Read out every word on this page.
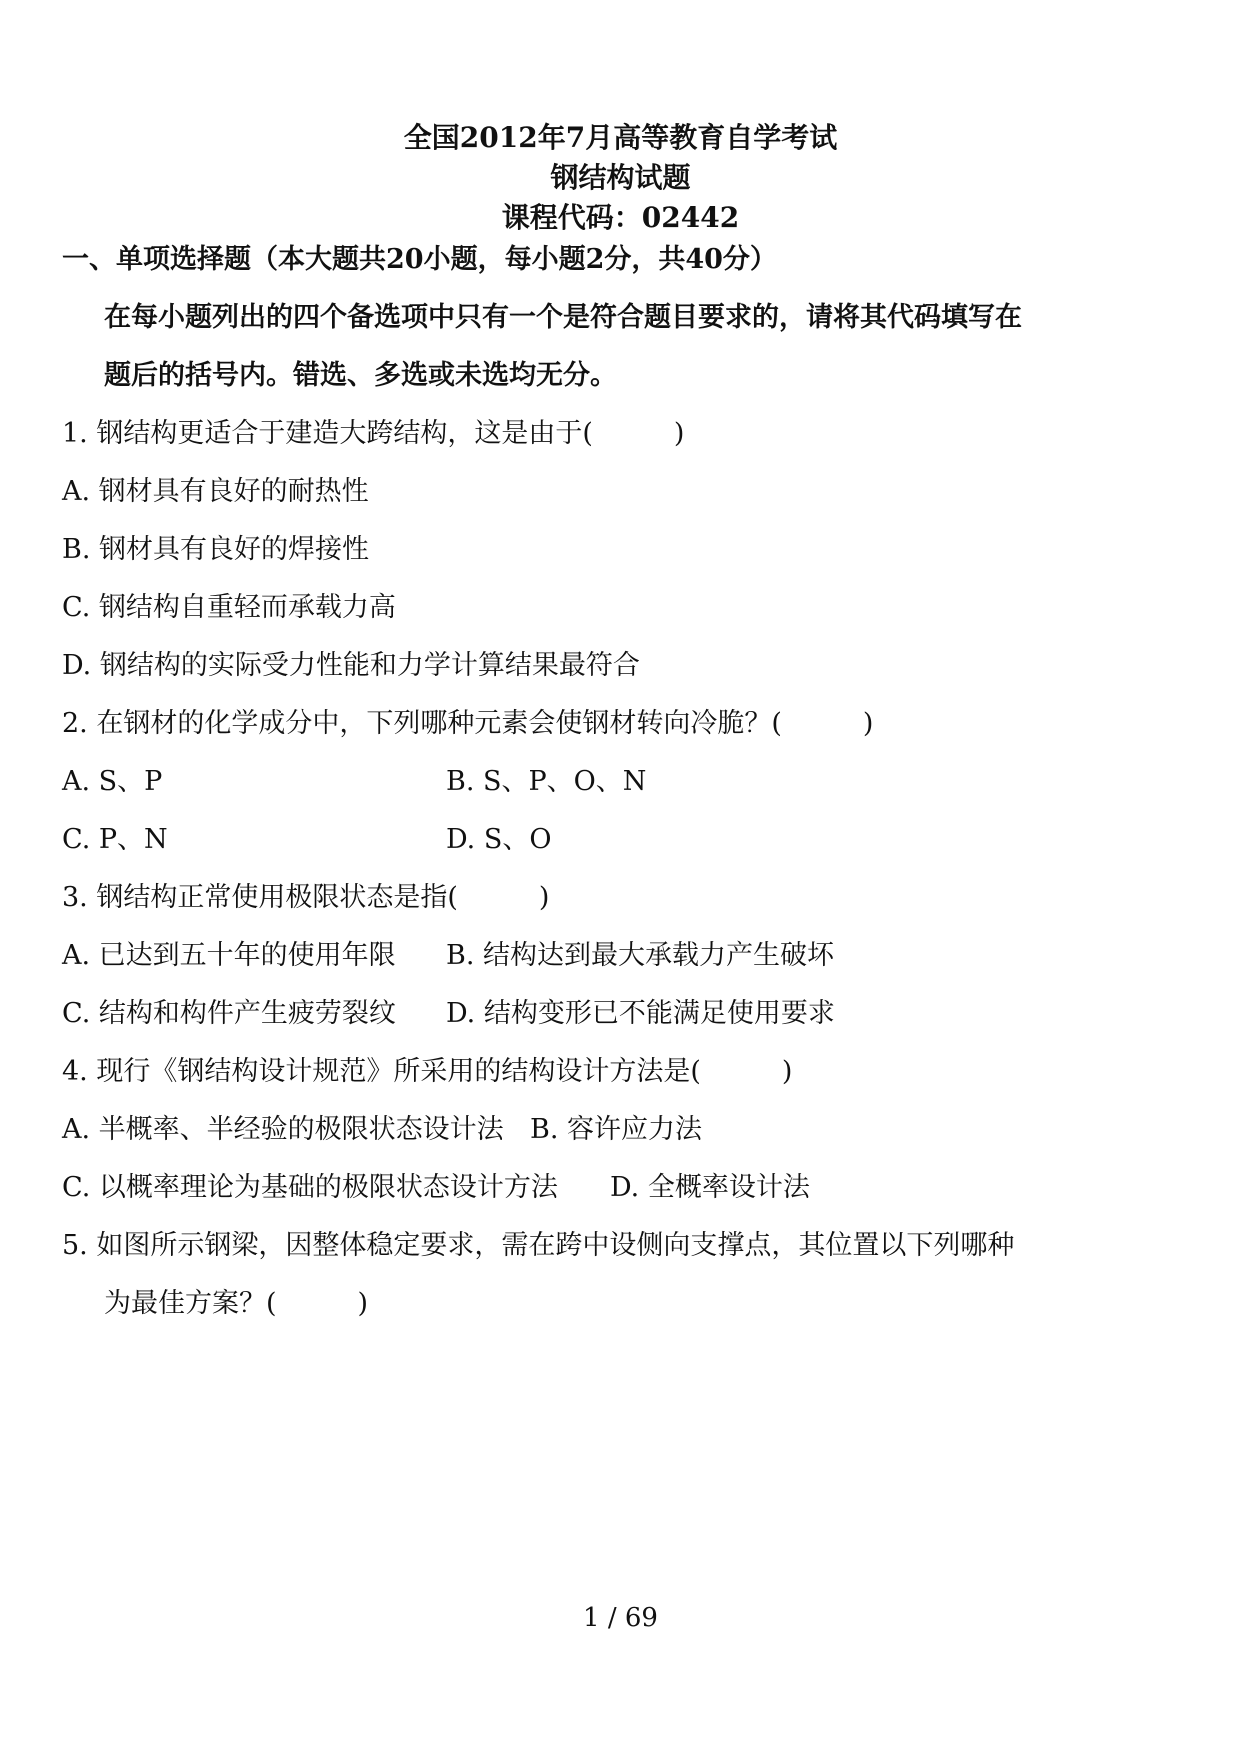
全国2012年7月高等教育自学考试
钢结构试题
课程代码：02442
一、单项选择题（本大题共20小题，每小题2分，共40分）
在每小题列出的四个备选项中只有一个是符合题目要求的，请将其代码填写在
题后的括号内。错选、多选或未选均无分。
1. 钢结构更适合于建造大跨结构，这是由于(　　　)
A. 钢材具有良好的耐热性
B. 钢材具有良好的焊接性
C. 钢结构自重轻而承载力高
D. 钢结构的实际受力性能和力学计算结果最符合
2. 在钢材的化学成分中，下列哪种元素会使钢材转向冷脆？(　　　)
A. S、P	B. S、P、O、N
C. P、N	D. S、O
3. 钢结构正常使用极限状态是指(　　　)
A. 已达到五十年的使用年限 B. 结构达到最大承载力产生破坏
C. 结构和构件产生疲劳裂纹 D. 结构变形已不能满足使用要求
4. 现行《钢结构设计规范》所采用的结构设计方法是(　　　)
A. 半概率、半经验的极限状态设计法 B. 容许应力法
C. 以概率理论为基础的极限状态设计方法 D. 全概率设计法
5. 如图所示钢梁，因整体稳定要求，需在跨中设侧向支撑点，其位置以下列哪种
为最佳方案？(　　　)
1 / 69
